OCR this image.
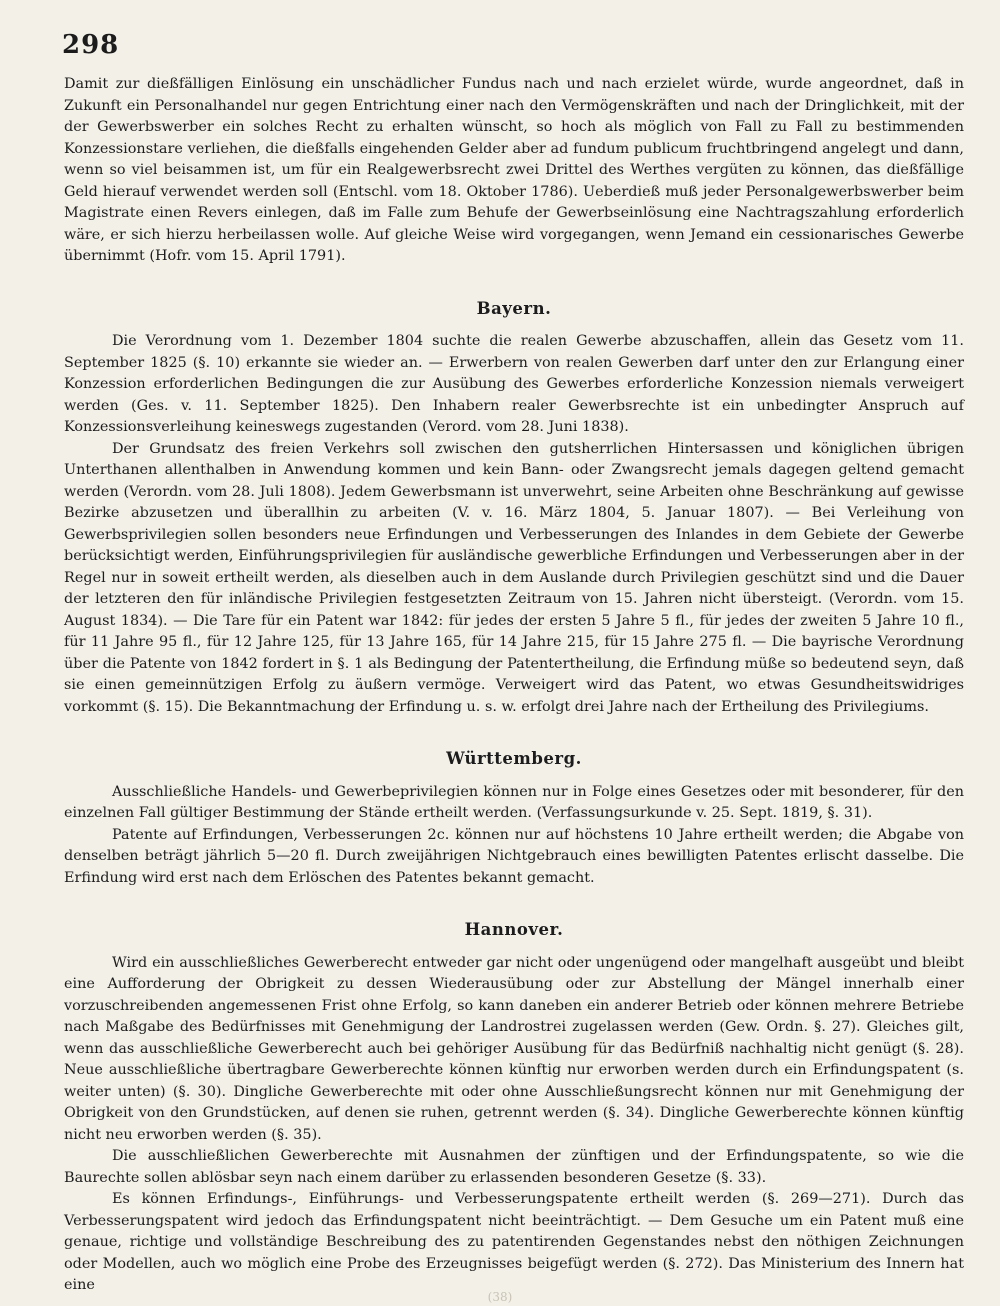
298

Damit zur dießfälligen Einlösung ein unschädlicher Fundus nach und nach erzielet würde, wurde angeordnet, daß in Zukunft ein Personalhandel nur gegen Entrichtung einer nach den Vermögenskräften und nach der Dringlichkeit, mit der der Gewerbswerber ein solches Recht zu erhalten wünscht, so hoch als möglich von Fall zu Fall zu bestimmenden Konzessionstare verliehen, die dießfalls eingehenden Gelder aber ad fundum publicum fruchtbringend angelegt und dann, wenn so viel beisammen ist, um für ein Realgewerbsrecht zwei Drittel des Werthes vergüten zu können, das dießfällige Geld hierauf verwendet werden soll (Entschl. vom 18. Oktober 1786). Ueberdieß muß jeder Personalgewerbswerber beim Magistrate einen Revers einlegen, daß im Falle zum Behufe der Gewerbseinlösung eine Nachtragszahlung erforderlich wäre, er sich hierzu herbeilassen wolle. Auf gleiche Weise wird vorgegangen, wenn Jemand ein cessionarisches Gewerbe übernimmt (Hofr. vom 15. April 1791).

Bayern.

Die Verordnung vom 1. Dezember 1804 suchte die realen Gewerbe abzuschaffen, allein das Gesetz vom 11. September 1825 (§. 10) erkannte sie wieder an. — Erwerbern von realen Gewerben darf unter den zur Erlangung einer Konzession erforderlichen Bedingungen die zur Ausübung des Gewerbes erforderliche Konzession niemals verweigert werden (Ges. v. 11. September 1825). Den Inhabern realer Gewerbsrechte ist ein unbedingter Anspruch auf Konzessionsverleihung keineswegs zugestanden (Verord. vom 28. Juni 1838).

Der Grundsatz des freien Verkehrs soll zwischen den gutsherrlichen Hintersassen und königlichen übrigen Unterthanen allenthalben in Anwendung kommen und kein Bann- oder Zwangsrecht jemals dagegen geltend gemacht werden (Verordn. vom 28. Juli 1808). Jedem Gewerbsmann ist unverwehrt, seine Arbeiten ohne Beschränkung auf gewisse Bezirke abzusetzen und überallhin zu arbeiten (V. v. 16. März 1804, 5. Januar 1807). — Bei Verleihung von Gewerbsprivilegien sollen besonders neue Erfindungen und Verbesserungen des Inlandes in dem Gebiete der Gewerbe berücksichtigt werden, Einführungsprivilegien für ausländische gewerbliche Erfindungen und Verbesserungen aber in der Regel nur in soweit ertheilt werden, als dieselben auch in dem Auslande durch Privilegien geschützt sind und die Dauer der letzteren den für inländische Privilegien festgesetzten Zeitraum von 15. Jahren nicht übersteigt. (Verordn. vom 15. August 1834). — Die Tare für ein Patent war 1842: für jedes der ersten 5 Jahre 5 fl., für jedes der zweiten 5 Jahre 10 fl., für 11 Jahre 95 fl., für 12 Jahre 125, für 13 Jahre 165, für 14 Jahre 215, für 15 Jahre 275 fl. — Die bayrische Verordnung über die Patente von 1842 fordert in §. 1 als Bedingung der Patentertheilung, die Erfindung müße so bedeutend seyn, daß sie einen gemeinnützigen Erfolg zu äußern vermöge. Verweigert wird das Patent, wo etwas Gesundheitswidriges vorkommt (§. 15). Die Bekanntmachung der Erfindung u. s. w. erfolgt drei Jahre nach der Ertheilung des Privilegiums.

Württemberg.

Ausschließliche Handels- und Gewerbeprivilegien können nur in Folge eines Gesetzes oder mit besonderer, für den einzelnen Fall gültiger Bestimmung der Stände ertheilt werden. (Verfassungsurkunde v. 25. Sept. 1819, §. 31).

Patente auf Erfindungen, Verbesserungen 2c. können nur auf höchstens 10 Jahre ertheilt werden; die Abgabe von denselben beträgt jährlich 5—20 fl. Durch zweijährigen Nichtgebrauch eines bewilligten Patentes erlischt dasselbe. Die Erfindung wird erst nach dem Erlöschen des Patentes bekannt gemacht.

Hannover.

Wird ein ausschließliches Gewerberecht entweder gar nicht oder ungenügend oder mangelhaft ausgeübt und bleibt eine Aufforderung der Obrigkeit zu dessen Wiederausübung oder zur Abstellung der Mängel innerhalb einer vorzuschreibenden angemessenen Frist ohne Erfolg, so kann daneben ein anderer Betrieb oder können mehrere Betriebe nach Maßgabe des Bedürfnisses mit Genehmigung der Landrostrei zugelassen werden (Gew. Ordn. §. 27). Gleiches gilt, wenn das ausschließliche Gewerberecht auch bei gehöriger Ausübung für das Bedürfniß nachhaltig nicht genügt (§. 28). Neue ausschließliche übertragbare Gewerberechte können künftig nur erworben werden durch ein Erfindungspatent (s. weiter unten) (§. 30). Dingliche Gewerberechte mit oder ohne Ausschließungsrecht können nur mit Genehmigung der Obrigkeit von den Grundstücken, auf denen sie ruhen, getrennt werden (§. 34). Dingliche Gewerberechte können künftig nicht neu erworben werden (§. 35).

Die ausschließlichen Gewerberechte mit Ausnahmen der zünftigen und der Erfindungspatente, so wie die Baurechte sollen ablösbar seyn nach einem darüber zu erlassenden besonderen Gesetze (§. 33).

Es können Erfindungs-, Einführungs- und Verbesserungspatente ertheilt werden (§. 269—271). Durch das Verbesserungspatent wird jedoch das Erfindungspatent nicht beeinträchtigt. — Dem Gesuche um ein Patent muß eine genaue, richtige und vollständige Beschreibung des zu patentirenden Gegenstandes nebst den nöthigen Zeichnungen oder Modellen, auch wo möglich eine Probe des Erzeugnisses beigefügt werden (§. 272). Das Ministerium des Innern hat eine

(38)
